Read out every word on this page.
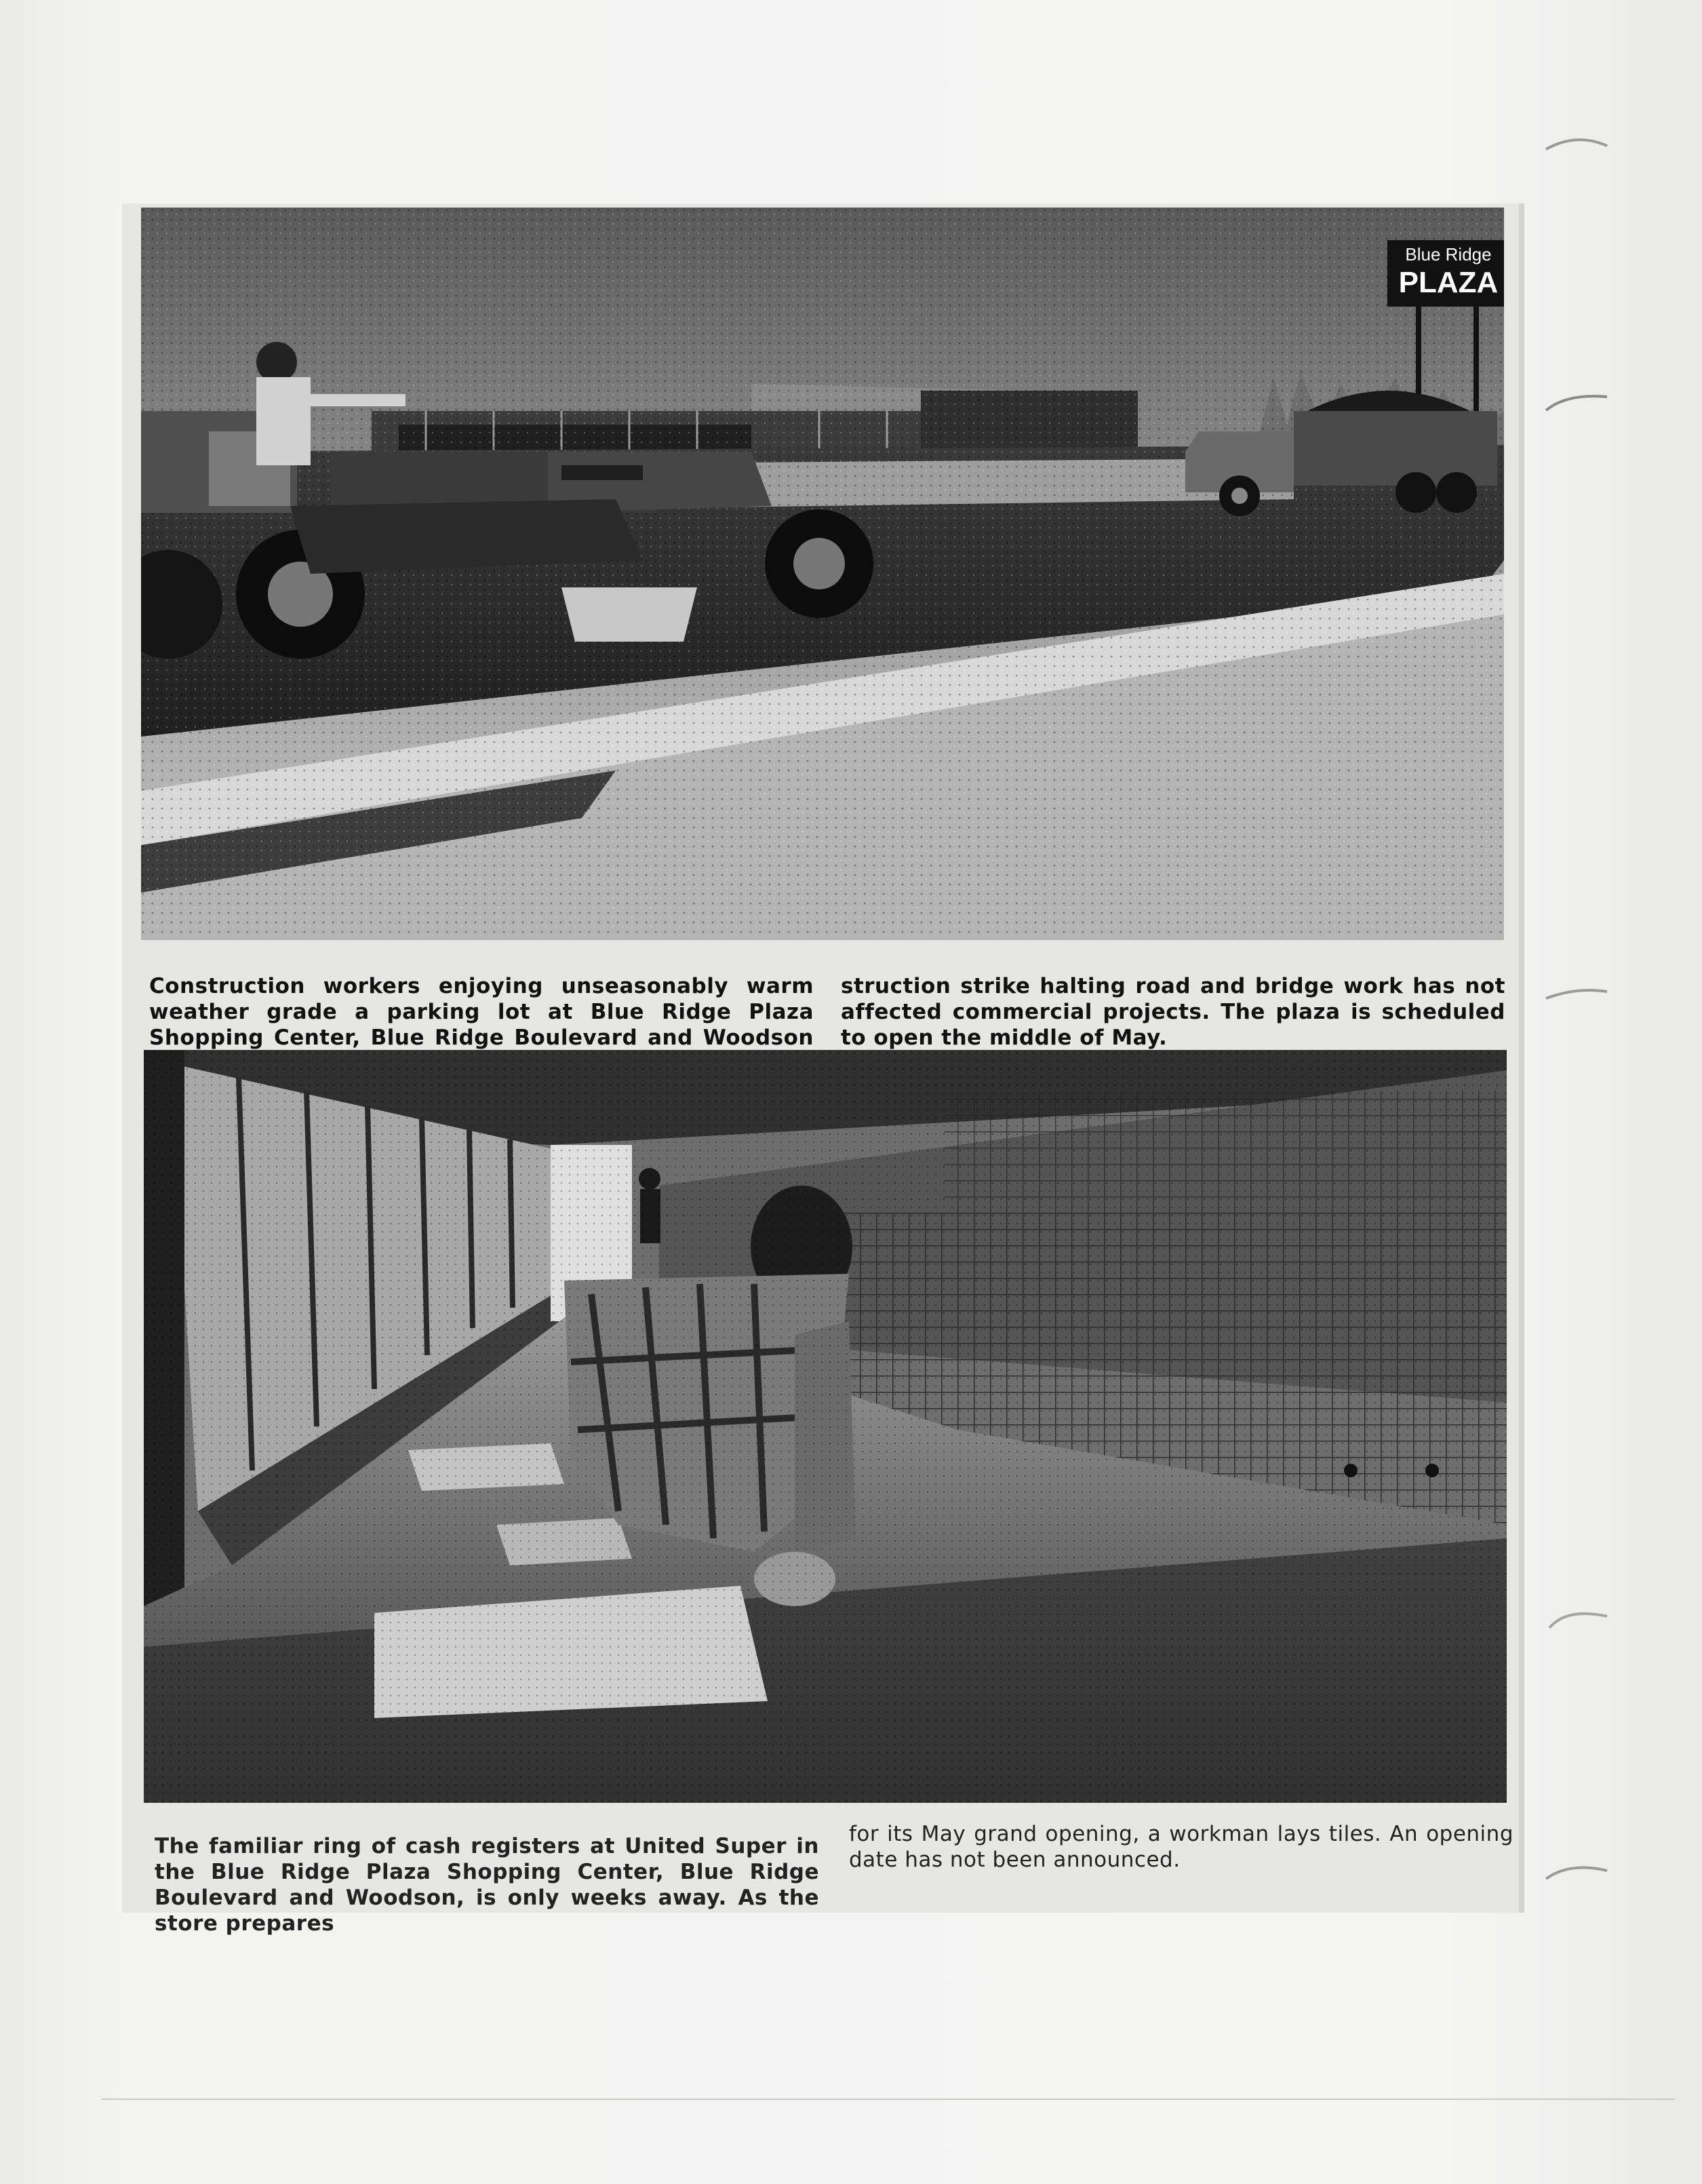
Blue Ridge
PLAZA

Construction workers enjoying unseasonably warm weather grade a parking lot at Blue Ridge Plaza Shopping Center, Blue Ridge Boulevard and Woodson

struction strike halting road and bridge work has not affected commercial projects. The plaza is scheduled to open the middle of May.

The familiar ring of cash registers at United Super in the Blue Ridge Plaza Shopping Center, Blue Ridge Boulevard and Woodson, is only weeks away. As the store prepares

for its May grand opening, a workman lays tiles. An opening date has not been announced.
